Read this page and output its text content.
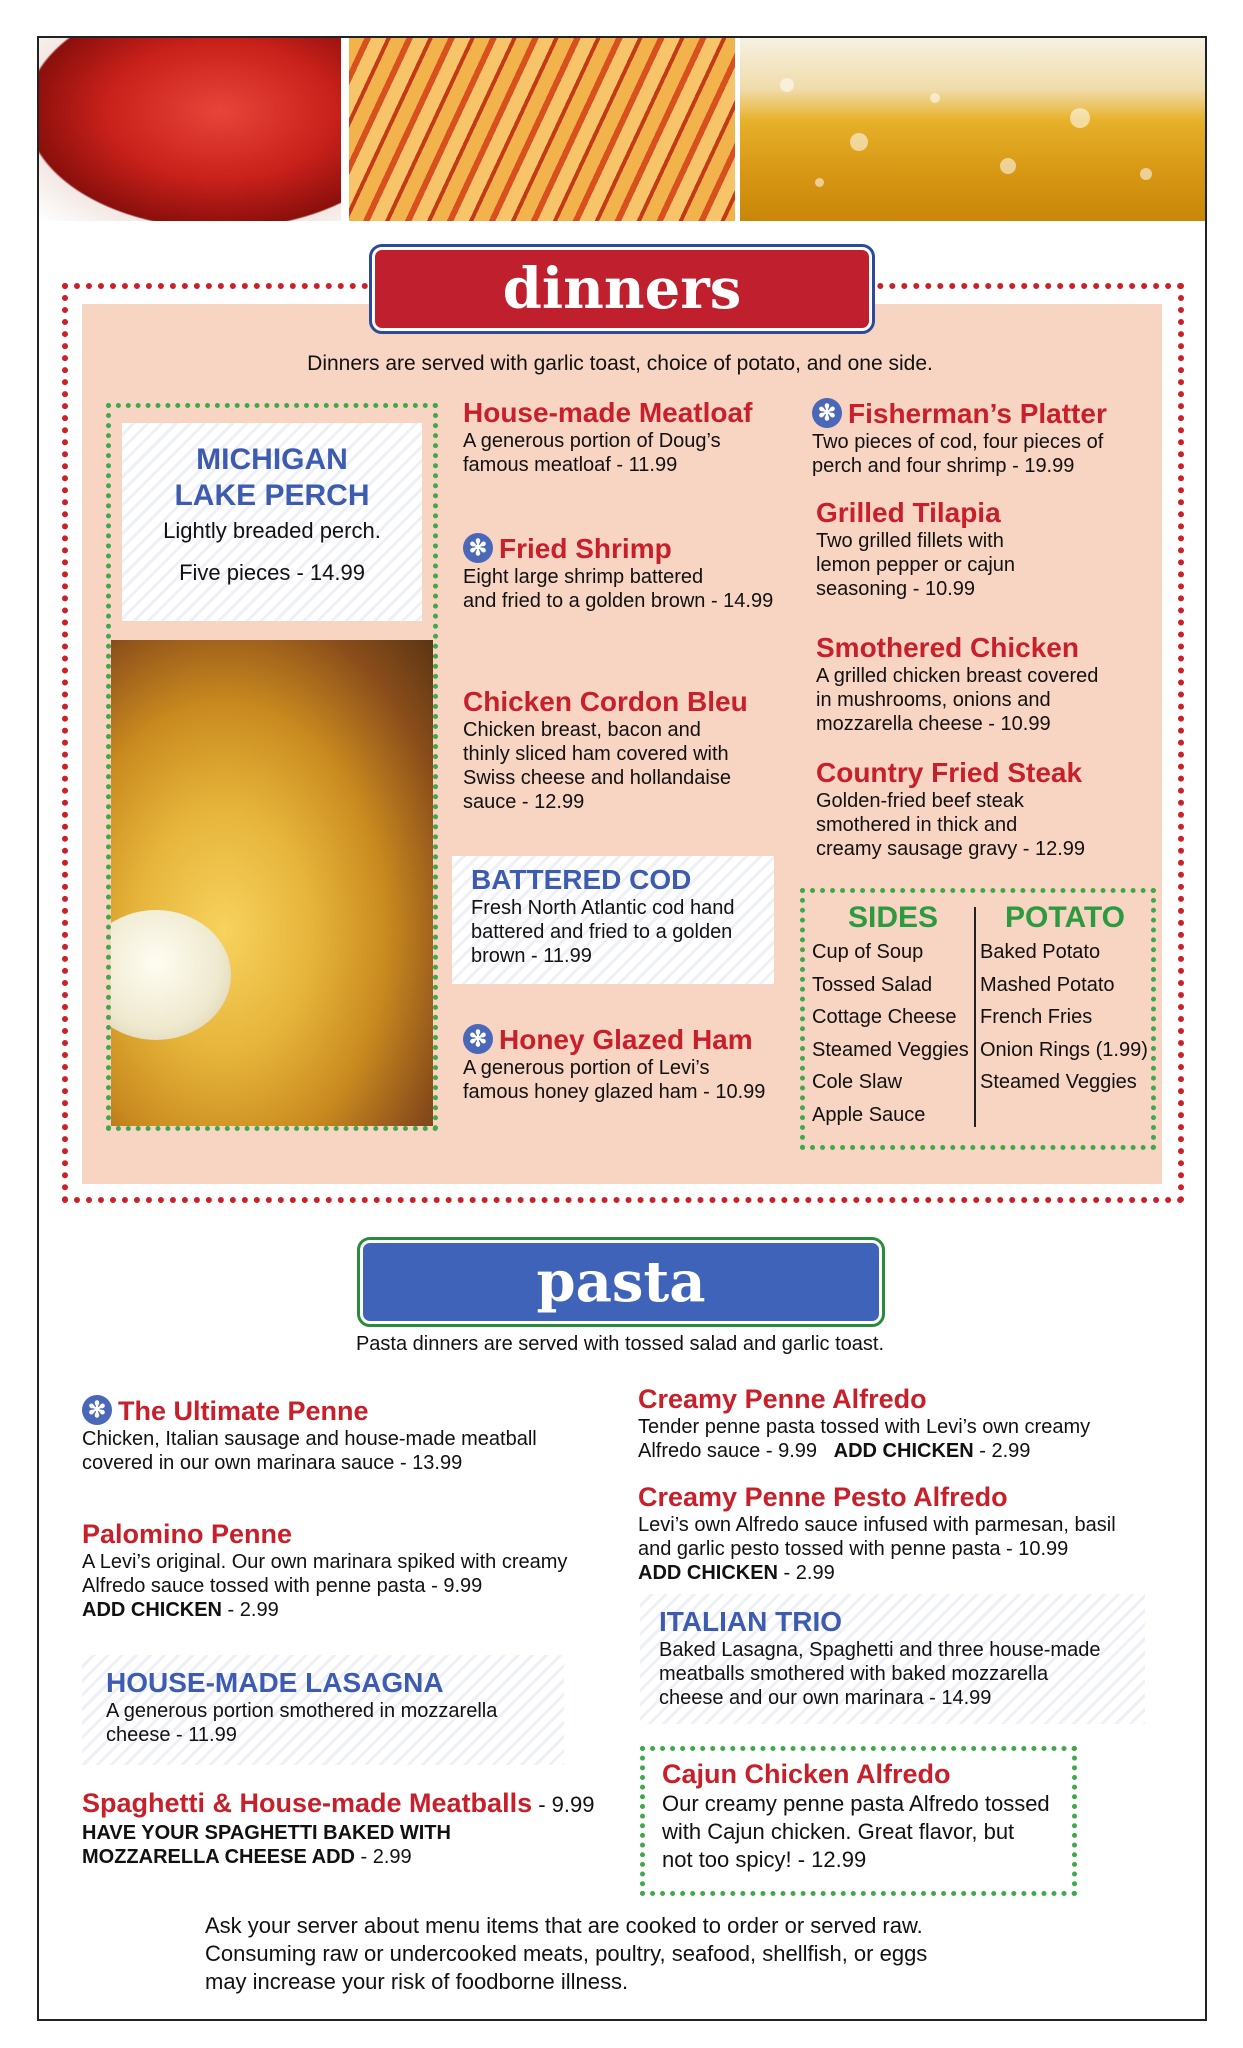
dinners
Dinners are served with garlic toast, choice of potato, and one side.
MICHIGAN
LAKE PERCH
Lightly breaded perch.
Five pieces - 14.99
House-made Meatloaf
A generous portion of Doug’s
famous meatloaf - 11.99
✻ Fried Shrimp
Eight large shrimp battered
and fried to a golden brown - 14.99
Chicken Cordon Bleu
Chicken breast, bacon and
thinly sliced ham covered with
Swiss cheese and hollandaise
sauce - 12.99
BATTERED COD
Fresh North Atlantic cod hand
battered and fried to a golden
brown - 11.99
✻ Honey Glazed Ham
A generous portion of Levi’s
famous honey glazed ham - 10.99
✻ Fisherman’s Platter
Two pieces of cod, four pieces of
perch and four shrimp - 19.99
Grilled Tilapia
Two grilled fillets with
lemon pepper or cajun
seasoning - 10.99
Smothered Chicken
A grilled chicken breast covered
in mushrooms, onions and
mozzarella cheese - 10.99
Country Fried Steak
Golden-fried beef steak
smothered in thick and
creamy sausage gravy - 12.99
SIDES
Cup of Soup
Tossed Salad
Cottage Cheese
Steamed Veggies
Cole Slaw
Apple Sauce
POTATO
Baked Potato
Mashed Potato
French Fries
Onion Rings (1.99)
Steamed Veggies
pasta
Pasta dinners are served with tossed salad and garlic toast.
✻ The Ultimate Penne
Chicken, Italian sausage and house-made meatball
covered in our own marinara sauce - 13.99
Palomino Penne
A Levi’s original. Our own marinara spiked with creamy
Alfredo sauce tossed with penne pasta - 9.99
ADD CHICKEN - 2.99
HOUSE-MADE LASAGNA
A generous portion smothered in mozzarella
cheese - 11.99
Spaghetti & House-made Meatballs - 9.99
HAVE YOUR SPAGHETTI BAKED WITH
MOZZARELLA CHEESE ADD - 2.99
Creamy Penne Alfredo
Tender penne pasta tossed with Levi’s own creamy
Alfredo sauce - 9.99 ADD CHICKEN - 2.99
Creamy Penne Pesto Alfredo
Levi’s own Alfredo sauce infused with parmesan, basil
and garlic pesto tossed with penne pasta - 10.99
ADD CHICKEN - 2.99
ITALIAN TRIO
Baked Lasagna, Spaghetti and three house-made
meatballs smothered with baked mozzarella
cheese and our own marinara - 14.99
Cajun Chicken Alfredo
Our creamy penne pasta Alfredo tossed
with Cajun chicken. Great flavor, but
not too spicy! - 12.99
Ask your server about menu items that are cooked to order or served raw.
Consuming raw or undercooked meats, poultry, seafood, shellfish, or eggs
may increase your risk of foodborne illness.
